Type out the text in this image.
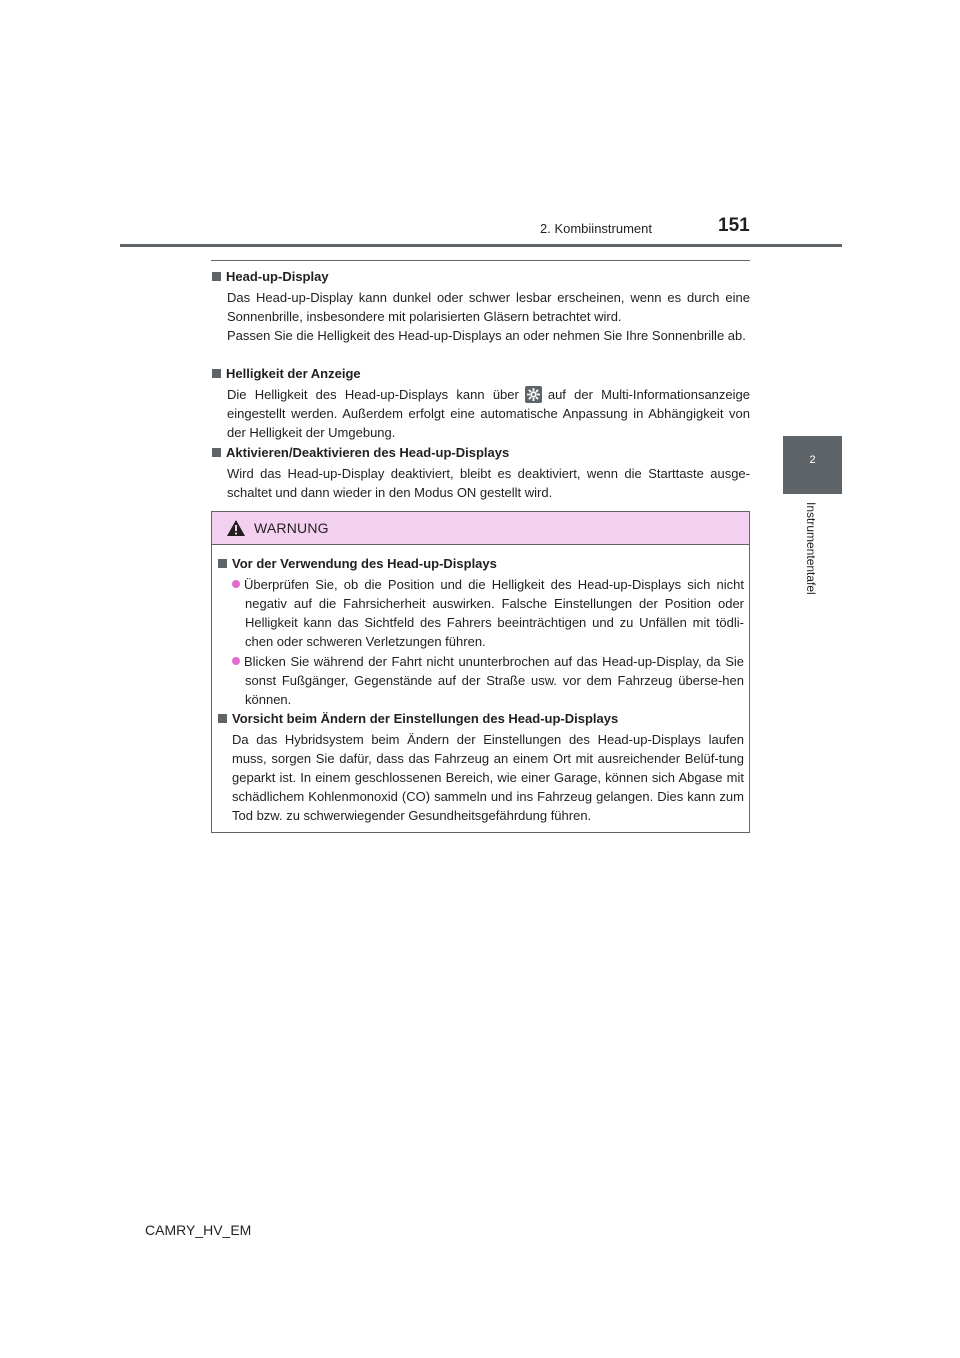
2. Kombiinstrument	151
2
Instrumententafel

Head-up-Display

Das Head-up-Display kann dunkel oder schwer lesbar erscheinen, wenn es durch eine Sonnenbrille, insbesondere mit polarisierten Gläsern betrachtet wird.

Passen Sie die Helligkeit des Head-up-Displays an oder nehmen Sie Ihre Sonnenbrille ab.

Helligkeit der Anzeige

Die Helligkeit des Head-up-Displays kann über auf der Multi-Informationsanzeige eingestellt werden. Außerdem erfolgt eine automatische Anpassung in Abhängigkeit von der Helligkeit der Umgebung.

Aktivieren/Deaktivieren des Head-up-Displays

Wird das Head-up-Display deaktiviert, bleibt es deaktiviert, wenn die Starttaste ausge-schaltet und dann wieder in den Modus ON gestellt wird.

WARNUNG

Vor der Verwendung des Head-up-Displays

Überprüfen Sie, ob die Position und die Helligkeit des Head-up-Displays sich nicht negativ auf die Fahrsicherheit auswirken. Falsche Einstellungen der Position oder Helligkeit kann das Sichtfeld des Fahrers beeinträchtigen und zu Unfällen mit tödli-chen oder schweren Verletzungen führen.

Blicken Sie während der Fahrt nicht ununterbrochen auf das Head-up-Display, da Sie sonst Fußgänger, Gegenstände auf der Straße usw. vor dem Fahrzeug überse-hen können.

Vorsicht beim Ändern der Einstellungen des Head-up-Displays

Da das Hybridsystem beim Ändern der Einstellungen des Head-up-Displays laufen muss, sorgen Sie dafür, dass das Fahrzeug an einem Ort mit ausreichender Belüf-tung geparkt ist. In einem geschlossenen Bereich, wie einer Garage, können sich Abgase mit schädlichem Kohlenmonoxid (CO) sammeln und ins Fahrzeug gelangen. Dies kann zum Tod bzw. zu schwerwiegender Gesundheitsgefährdung führen.

CAMRY_HV_EM
